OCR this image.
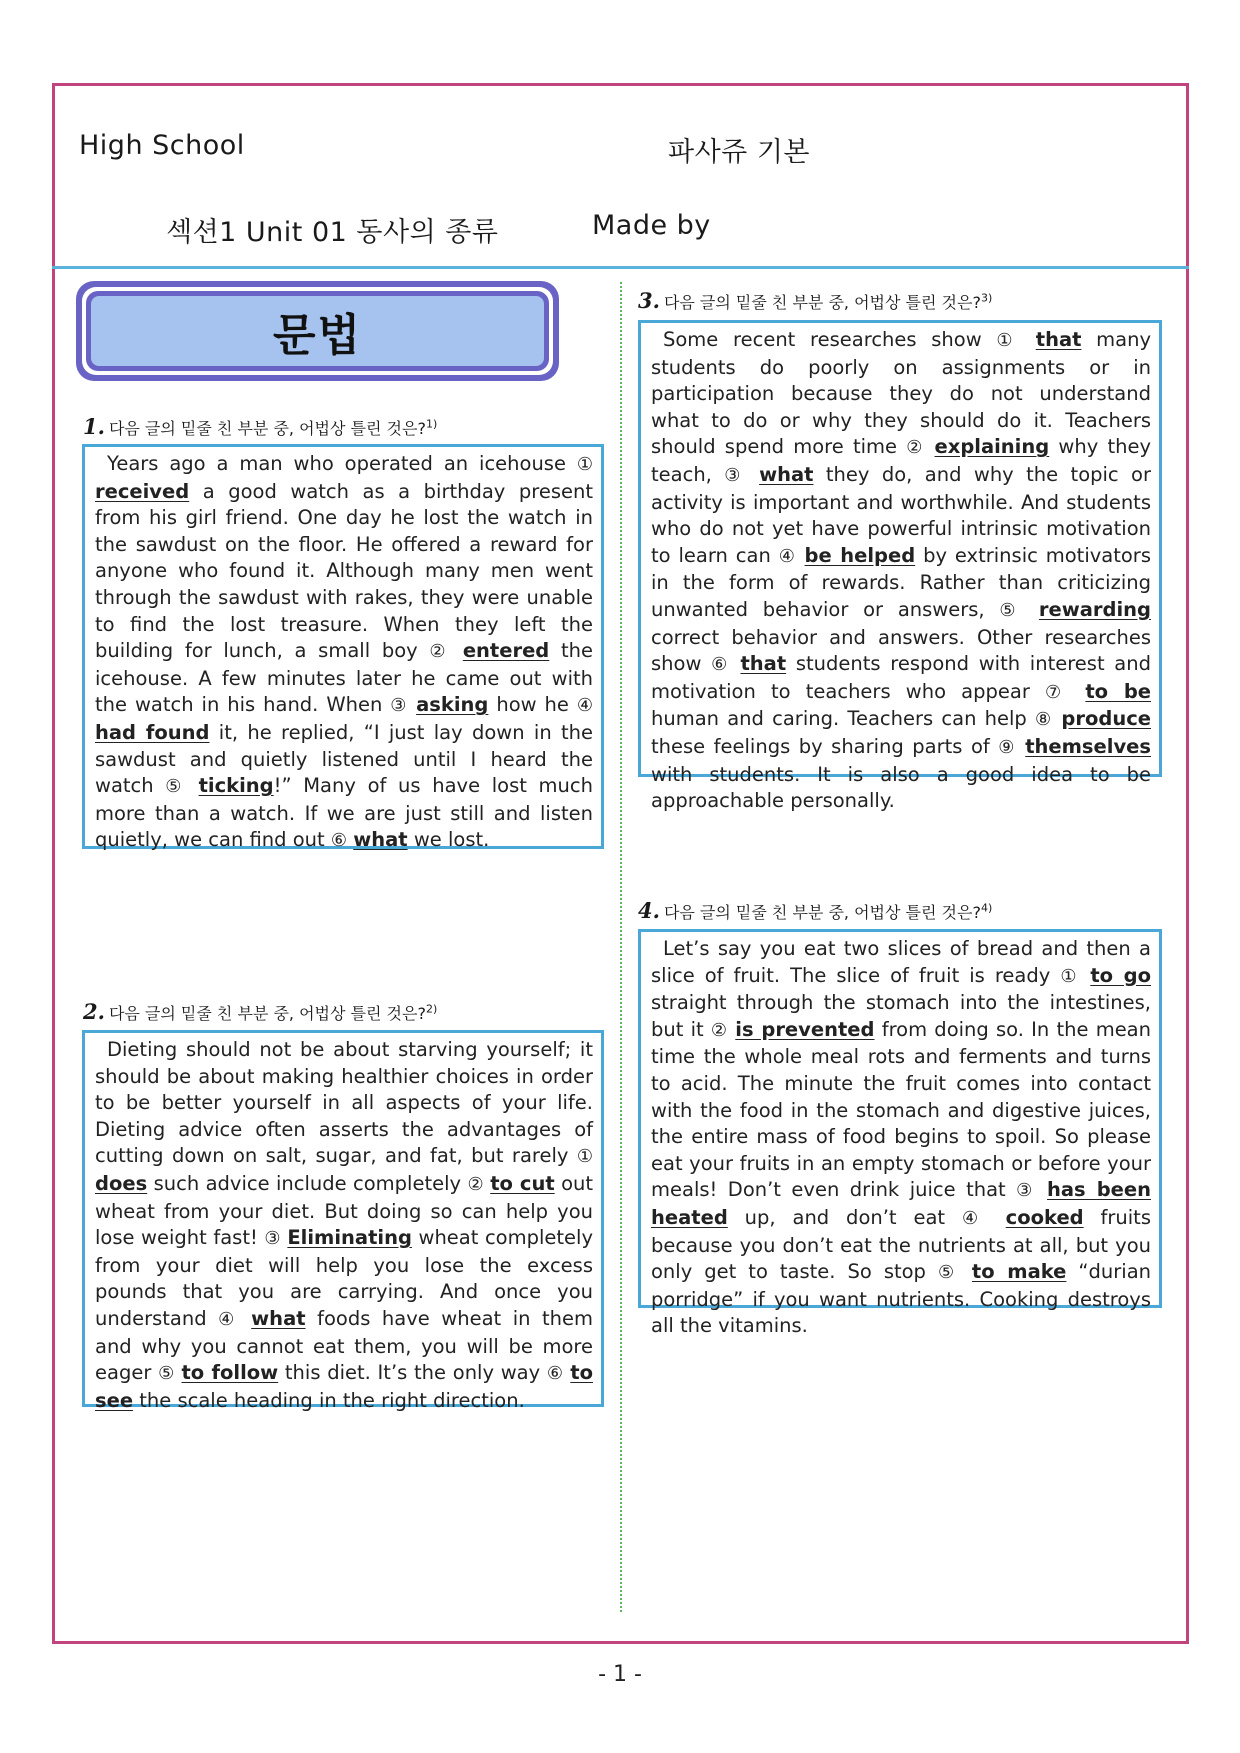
High School	파사쥬 기본
섹션1 Unit 01 동사의 종류	Made by
문법
1. 다음 글의 밑줄 친 부분 중, 어법상 틀린 것은?$^{1)}$
Years ago a man who operated an icehouse ① received a good watch as a birthday present from his girl friend. One day he lost the watch in the sawdust on the floor. He offered a reward for anyone who found it. Although many men went through the sawdust with rakes, they were unable to find the lost treasure. When they left the building for lunch, a small boy ② entered the icehouse. A few minutes later he came out with the watch in his hand. When ③ asking how he ④ had found it, he replied, “I just lay down in the sawdust and quietly listened until I heard the watch ⑤ ticking!” Many of us have lost much more than a watch. If we are just still and listen quietly, we can find out ⑥ what we lost.
2. 다음 글의 밑줄 친 부분 중, 어법상 틀린 것은?$^{2)}$
Dieting should not be about starving yourself; it should be about making healthier choices in order to be better yourself in all aspects of your life. Dieting advice often asserts the advantages of cutting down on salt, sugar, and fat, but rarely ① does such advice include completely ② to cut out wheat from your diet. But doing so can help you lose weight fast! ③ Eliminating wheat completely from your diet will help you lose the excess pounds that you are carrying. And once you understand ④ what foods have wheat in them and why you cannot eat them, you will be more eager ⑤ to follow this diet. It’s the only way ⑥ to see the scale heading in the right direction.
3. 다음 글의 밑줄 친 부분 중, 어법상 틀린 것은?$^{3)}$
Some recent researches show ① that many students do poorly on assignments or in participation because they do not understand what to do or why they should do it. Teachers should spend more time ② explaining why they teach, ③ what they do, and why the topic or activity is important and worthwhile. And students who do not yet have powerful intrinsic motivation to learn can ④ be helped by extrinsic motivators in the form of rewards. Rather than criticizing unwanted behavior or answers, ⑤ rewarding correct behavior and answers. Other researches show ⑥ that students respond with interest and motivation to teachers who appear ⑦ to be human and caring. Teachers can help ⑧ produce these feelings by sharing parts of ⑨ themselves with students. It is also a good idea to be approachable personally.
4. 다음 글의 밑줄 친 부분 중, 어법상 틀린 것은?$^{4)}$
Let’s say you eat two slices of bread and then a slice of fruit. The slice of fruit is ready ① to go straight through the stomach into the intestines, but it ② is prevented from doing so. In the mean time the whole meal rots and ferments and turns to acid. The minute the fruit comes into contact with the food in the stomach and digestive juices, the entire mass of food begins to spoil. So please eat your fruits in an empty stomach or before your meals! Don’t even drink juice that ③ has been heated up, and don’t eat ④ cooked fruits because you don’t eat the nutrients at all, but you only get to taste. So stop ⑤ to make “durian porridge” if you want nutrients. Cooking destroys all the vitamins.
- 1 -
